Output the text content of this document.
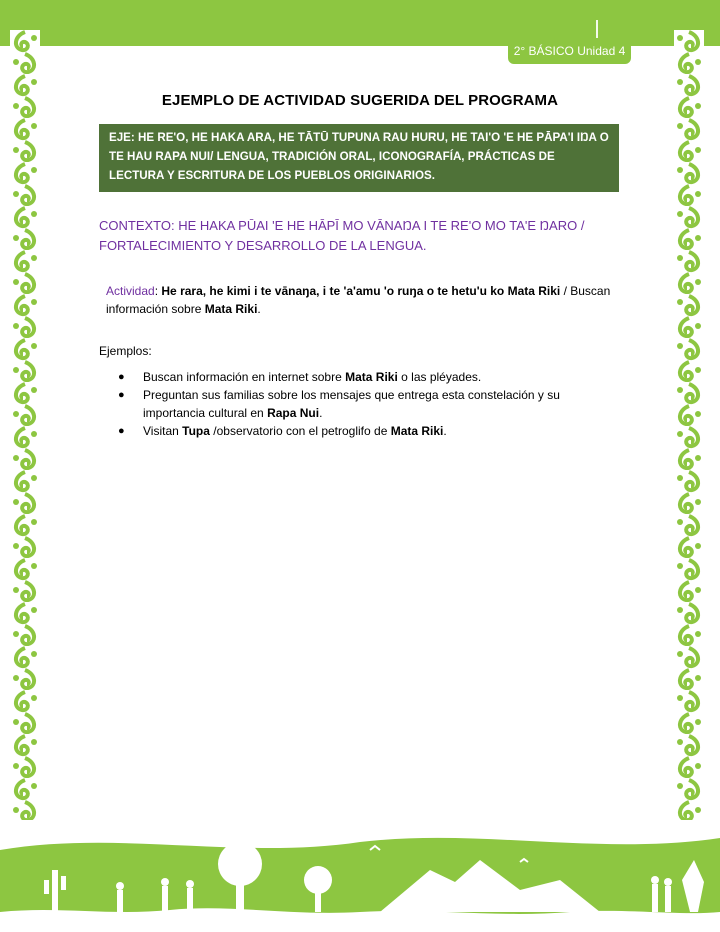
2° BÁSICO Unidad 4
EJEMPLO DE ACTIVIDAD SUGERIDA DEL PROGRAMA
EJE: HE RE'O, HE HAKA ARA, HE TĀTŪ TUPUNA RAU HURU, HE TAI'O 'E HE PĀPA'I IŊA O TE HAU RAPA NUI/ LENGUA, TRADICIÓN ORAL, ICONOGRAFÍA, PRÁCTICAS DE LECTURA Y ESCRITURA DE LOS PUEBLOS ORIGINARIOS.
CONTEXTO: HE HAKA PŪAI 'E HE HĀPĪ MO VĀNAŊA I TE RE'O MO TA'E ŊARO / FORTALECIMIENTO Y DESARROLLO DE LA LENGUA.
Actividad: He rara, he kimi i te vānaŋa, i te 'a'amu 'o ruŋa o te hetu'u ko Mata Riki / Buscan información sobre Mata Riki.
Ejemplos:
● Buscan información en internet sobre Mata Riki o las pléyades.
● Preguntan sus familias sobre los mensajes que entrega esta constelación y su importancia cultural en Rapa Nui.
● Visitan Tupa /observatorio con el petroglifo de Mata Riki.
